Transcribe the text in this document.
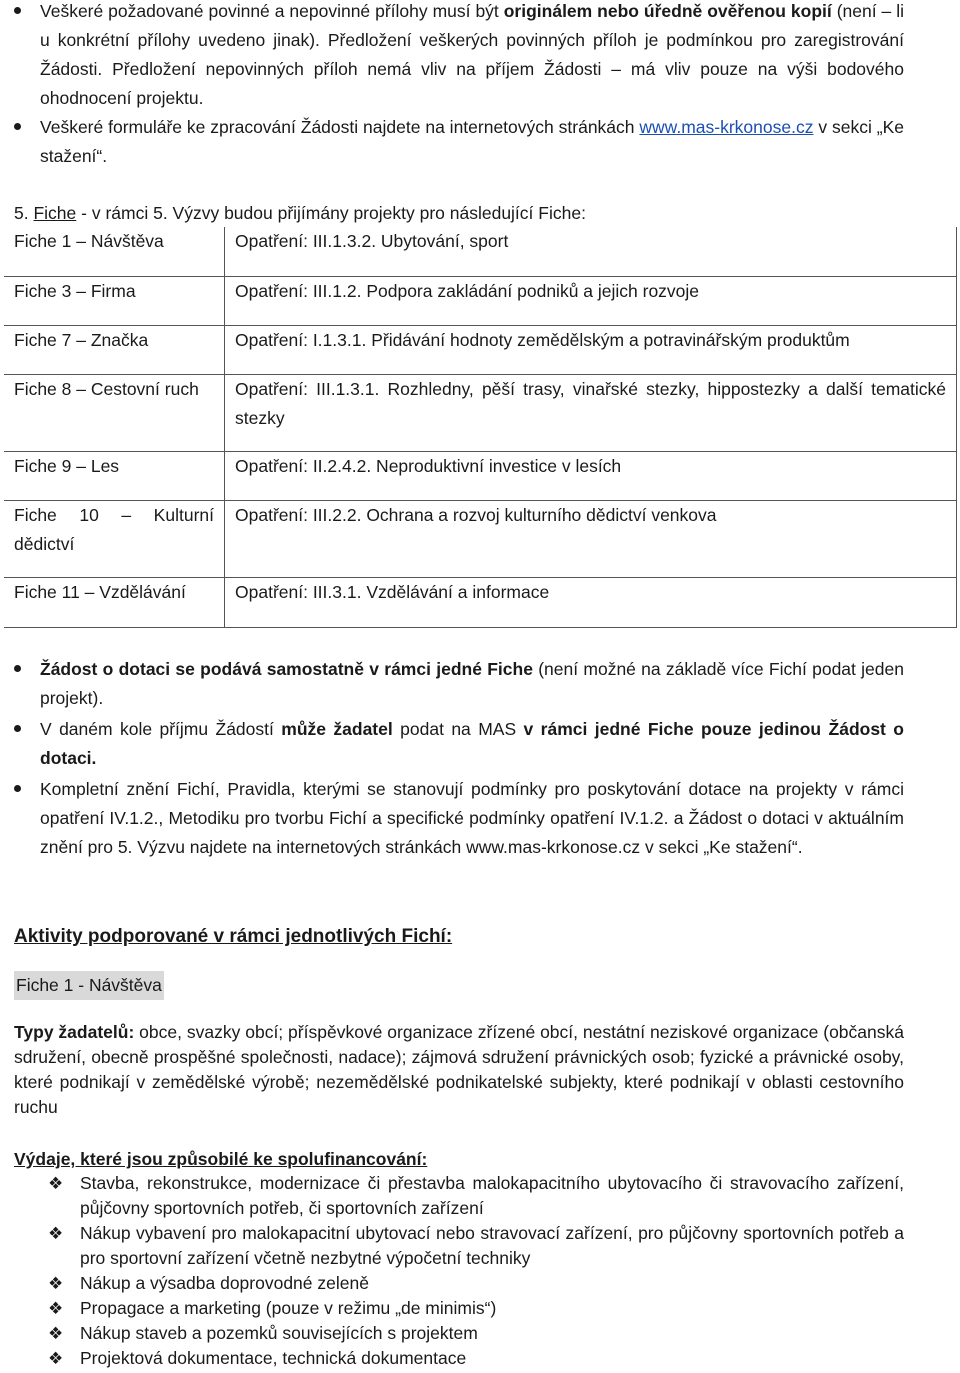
Veškeré požadované povinné a nepovinné přílohy musí být originálem nebo úředně ověřenou kopií (není – li u konkrétní přílohy uvedeno jinak). Předložení veškerých povinných příloh je podmínkou pro zaregistrování Žádosti. Předložení nepovinných příloh nemá vliv na příjem Žádosti – má vliv pouze na výši bodového ohodnocení projektu.
Veškeré formuláře ke zpracování Žádosti najdete na internetových stránkách www.mas-krkonose.cz v sekci „Ke stažení“.
5. Fiche - v rámci 5. Výzvy budou přijímány projekty pro následující Fiche:
Fiche 1 – Návštěva	Opatření: III.1.3.2. Ubytování, sport
Fiche 3 – Firma	Opatření: III.1.2. Podpora zakládání podniků a jejich rozvoje
Fiche 7 – Značka	Opatření: I.1.3.1. Přidávání hodnoty zemědělským a potravinářským produktům
Fiche 8 – Cestovní ruch	Opatření: III.1.3.1. Rozhledny, pěší trasy, vinařské stezky, hippostezky a další tematické stezky
Fiche 9 – Les	Opatření: II.2.4.2. Neproduktivní investice v lesích
Fiche 10 – Kulturní dědictví	Opatření: III.2.2. Ochrana a rozvoj kulturního dědictví venkova
Fiche 11 – Vzdělávání	Opatření: III.3.1. Vzdělávání a informace
Žádost o dotaci se podává samostatně v rámci jedné Fiche (není možné na základě více Fichí podat jeden projekt).
V daném kole příjmu Žádostí může žadatel podat na MAS v rámci jedné Fiche pouze jedinou Žádost o dotaci.
Kompletní znění Fichí, Pravidla, kterými se stanovují podmínky pro poskytování dotace na projekty v rámci opatření IV.1.2., Metodiku pro tvorbu Fichí a specifické podmínky opatření IV.1.2. a Žádost o dotaci v aktuálním znění pro 5. Výzvu najdete na internetových stránkách www.mas-krkonose.cz v sekci „Ke stažení“.
Aktivity podporované v rámci jednotlivých Fichí:
Fiche 1 - Návštěva
Typy žadatelů: obce, svazky obcí; příspěvkové organizace zřízené obcí, nestátní neziskové organizace (občanská sdružení, obecně prospěšné společnosti, nadace); zájmová sdružení právnických osob; fyzické a právnické osoby, které podnikají v zemědělské výrobě; nezemědělské podnikatelské subjekty, které podnikají v oblasti cestovního ruchu
Výdaje, které jsou způsobilé ke spolufinancování:
❖ Stavba, rekonstrukce, modernizace či přestavba malokapacitního ubytovacího či stravovacího zařízení, půjčovny sportovních potřeb, či sportovních zařízení
❖ Nákup vybavení pro malokapacitní ubytovací nebo stravovací zařízení, pro půjčovny sportovních potřeb a pro sportovní zařízení včetně nezbytné výpočetní techniky
❖ Nákup a výsadba doprovodné zeleně
❖ Propagace a marketing (pouze v režimu „de minimis“)
❖ Nákup staveb a pozemků souvisejících s projektem
❖ Projektová dokumentace, technická dokumentace
